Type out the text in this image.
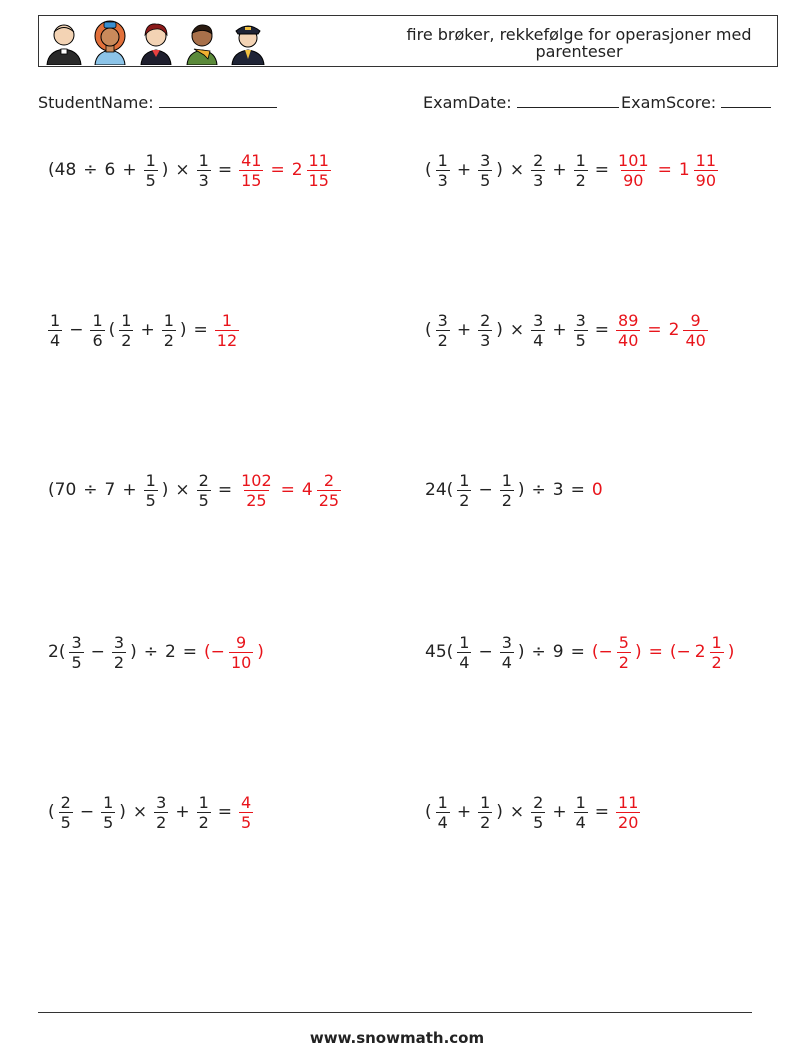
fire brøker, rekkefølge for operasjoner med
parenteser
StudentName:	ExamDate:	ExamScore:
($48 \div 6 + \frac{1}{5}$ ) × $\frac{1}{3} = \frac{41}{15} = 2 \frac{11}{15}$	( $\frac{1}{3} + \frac{3}{5}$ ) × $\frac{2}{3} + \frac{1}{2} = \frac{101}{90} = 1 \frac{11}{90}$
$\frac{1}{4} - \frac{1}{6}$ ( $\frac{1}{2} + \frac{1}{2}$ ) = $\frac{1}{12}$	( $\frac{3}{2} + \frac{2}{3}$ ) × $\frac{3}{4} + \frac{3}{5} = \frac{89}{40} = 2 \frac{9}{40}$
($70 \div 7 + \frac{1}{5}$ ) × $\frac{2}{5} = \frac{102}{25} = 4 \frac{2}{25}$	$24( \frac{1}{2} - \frac{1}{2}$ ) ÷ 3 = 0
$2( \frac{3}{5} - \frac{3}{2}$ ) ÷ 2 = (− $\frac{9}{10}$ )	$45( \frac{1}{4} - \frac{3}{4}$ ) ÷ 9 = (− $\frac{5}{2}$ ) = (− $2 \frac{1}{2}$ )
( $\frac{2}{5} - \frac{1}{5}$ ) × $\frac{3}{2} + \frac{1}{2} = \frac{4}{5}$	( $\frac{1}{4} + \frac{1}{2}$ ) × $\frac{2}{5} + \frac{1}{4} = \frac{11}{20}$
www.snowmath.com
